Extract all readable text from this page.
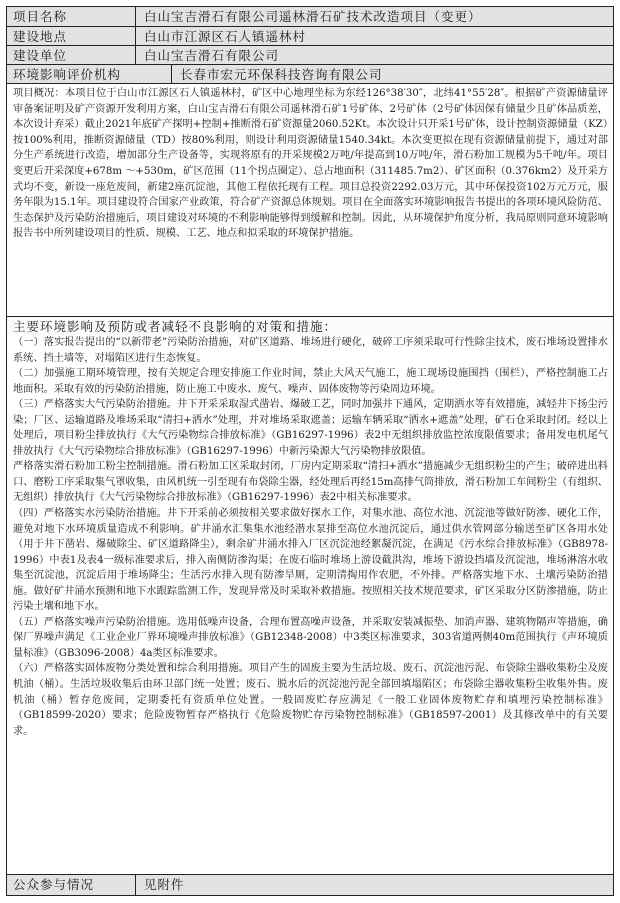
项目名称	白山宝吉滑石有限公司遥林滑石矿技术改造项目（变更）
建设地点	白山市江源区石人镇遥林村
建设单位	白山宝吉滑石有限公司
环境影响评价机构	长春市宏元环保科技咨询有限公司

项目概况：本项目位于白山市江源区石人镇遥林村，矿区中心地理坐标为东经126°38′30″，北纬41°55′28″。根据矿产资源储量评审备案证明及矿产资源开发利用方案，白山宝吉滑石有限公司遥林滑石矿1号矿体、2号矿体（2号矿体因保有储量少且矿体品质差，本次设计弃采）截止2021年底矿产探明+控制+推断滑石矿资源量2060.52Kt。本次设计只开采1号矿体，设计控制资源储量（KZ）按100%利用，推断资源储量（TD）按80%利用，则设计利用资源储量1540.34kt。本次变更拟在现有资源储量前提下，通过对部分生产系统进行改造，增加部分生产设备等，实现将原有的开采规模2万吨/年提高到10万吨/年，滑石粉加工规模为5千吨/年。项目变更后开采深度+678m ～+530m，矿区范围（11个拐点圈定）、总占地面积（311485.7m2）、矿区面积（0.376km2）及开采方式均不变，新设一座危废间，新建2座沉淀池，其他工程依托现有工程。项目总投资2292.03万元，其中环保投资102万元万元，服务年限为15.1年。项目建设符合国家产业政策，符合矿产资源总体规划。项目在全面落实环境影响报告书提出的各项环境风险防范、生态保护及污染防治措施后，项目建设对环境的不利影响能够得到缓解和控制。因此，从环境保护角度分析，我局原则同意环境影响报告书中所列建设项目的性质、规模、工艺、地点和拟采取的环境保护措施。

主要环境影响及预防或者减轻不良影响的对策和措施：

（一）落实报告提出的“以新带老”污染防治措施，对矿区道路、堆场进行硬化，破碎工序须采取可行性除尘技术，废石堆场设置排水系统、挡土墙等，对塌陷区进行生态恢复。

（二）加强施工期环境管理，按有关规定合理安排施工作业时间，禁止大风天气施工，施工现场设施围挡（围栏），严格控制施工占地面积。采取有效的污染防治措施，防止施工中废水、废气、噪声、固体废物等污染周边环境。

（三）严格落实大气污染防治措施。井下开采采取湿式凿岩、爆破工艺，同时加强井下通风，定期洒水等有效措施，减轻井下扬尘污染；厂区、运输道路及堆场采取“清扫+洒水”处理，并对堆场采取遮盖；运输车辆采取“洒水+遮盖”处理，矿石仓采取封闭。经以上处理后，项目粉尘排放执行《大气污染物综合排放标准》（GB16297-1996）表2中无组织排放监控浓度限值要求；备用发电机尾气排放执行《大气污染物综合排放标准》（GB16297-1996）中新污染源大气污染物排放限值。

严格落实滑石粉加工粉尘控制措施。滑石粉加工区采取封闭，厂房内定期采取“清扫+洒水”措施减少无组织粉尘的产生；破碎进出料口、磨粉工序采取集气罩收集，由风机统一引至现有布袋除尘器，经处理后再经15m高排气筒排放，滑石粉加工车间粉尘（有组织、无组织）排放执行《大气污染物综合排放标准》（GB16297-1996）表2中相关标准要求。

（四）严格落实水污染防治措施。井下开采前必须按相关要求做好探水工作，对集水池、高位水池、沉淀池等做好防渗、硬化工作，避免对地下水环境质量造成不利影响。矿井涌水汇集集水池经潜水泵排至高位水池沉淀后，通过供水管网部分输送至矿区各用水处（用于井下凿岩、爆破除尘、矿区道路降尘），剩余矿井涌水排入厂区沉淀池经絮凝沉淀，在满足《污水综合排放标准》（GB8978-1996）中表1及表4一级标准要求后，排入南侧防渗沟渠；在废石临时堆场上游设截洪沟，堆场下游设挡墙及沉淀池，堆场淋溶水收集至沉淀池，沉淀后用于堆场降尘；生活污水排入现有防渗旱厕，定期清掏用作农肥，不外排。严格落实地下水、土壤污染防治措施。做好矿井涌水预测和地下水跟踪监测工作，发现异常及时采取补救措施。按照相关技术规范要求，矿区采取分区防渗措施，防止污染土壤和地下水。

（五）严格落实噪声污染防治措施。选用低噪声设备，合理布置高噪声设备，并采取安装减振垫、加消声器、建筑物隔声等措施，确保厂界噪声满足《工业企业厂界环境噪声排放标准》（GB12348-2008）中3类区标准要求，303省道两侧40m范围执行《声环境质量标准》（GB3096-2008）4a类区标准要求。

（六）严格落实固体废物分类处置和综合利用措施。项目产生的固废主要为生活垃圾、废石、沉淀池污泥、布袋除尘器收集粉尘及废机油（桶）。生活垃圾收集后由环卫部门统一处置；废石、脱水后的沉淀池污泥全部回填塌陷区；布袋除尘器收集粉尘收集外售。废机油（桶）暂存危废间，定期委托有资质单位处置。一般固废贮存应满足《一般工业固体废物贮存和填埋污染控制标准》（GB18599-2020）要求；危险废物暂存严格执行《危险废物贮存污染物控制标准》（GB18597-2001）及其修改单中的有关要求。

公众参与情况	见附件
